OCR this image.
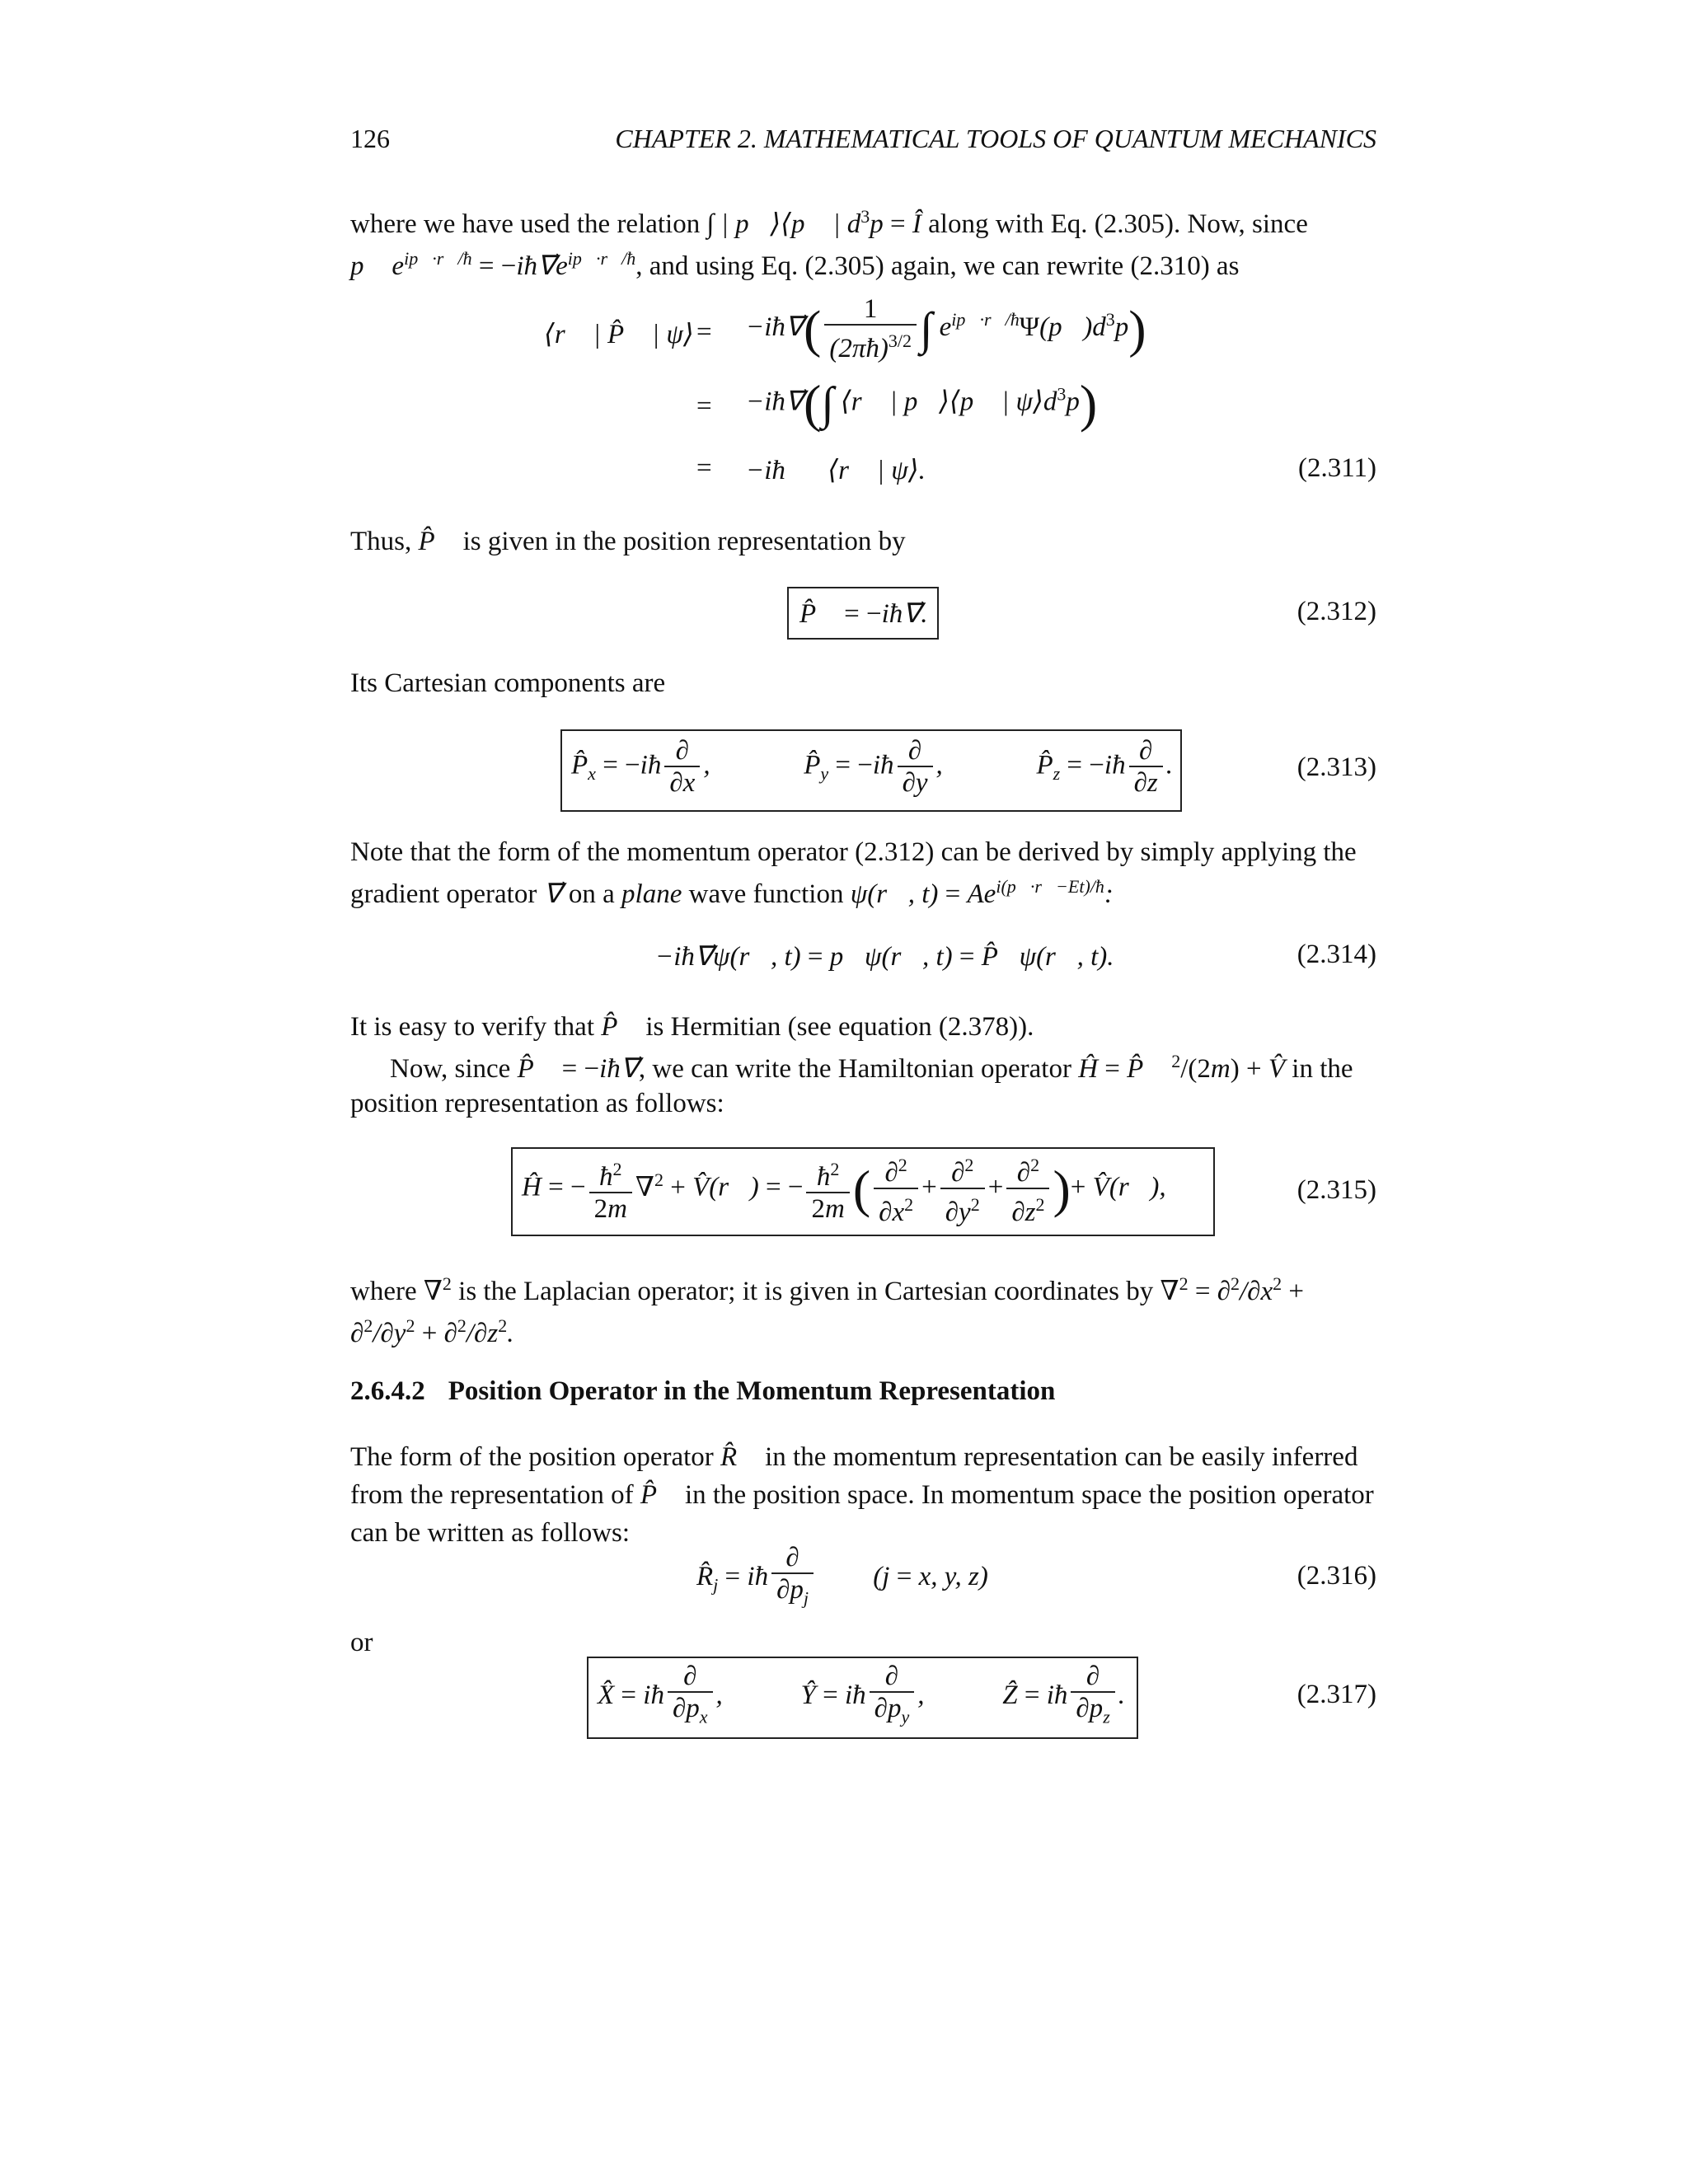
126	CHAPTER 2. MATHEMATICAL TOOLS OF QUANTUM MECHANICS

where we have used the relation ∫ | p⃗⟩⟨p⃗ | $d^3p$ = Î along with Eq. (2.305). Now, since
p⃗ $e^{ip⃗\cdot r⃗/ħ}$ = $-iħ\nabla⃗e^{ip⃗\cdot r⃗/ħ}$, and using Eq. (2.305) again, we can rewrite (2.310) as

⟨r⃗ | P̂⃗ | ψ⟩ = −iħ∇⃗( $\frac{1}{(2\pi ħ)^{3/2}}$ ∫ $e^{ip⃗\cdot r⃗/ħ}\Psi(p⃗)d^3p$)
= −iħ∇⃗(∫ ⟨r⃗ | p⃗⟩⟨p⃗ | $\psi⟩d^3p$)
= −iħ∇⃗⟨r⃗ | ψ⟩.	(2.311)

Thus, P̂⃗ is given in the position representation by

P̂⃗ = −iħ∇⃗.	(2.312)

Its Cartesian components are

$P̂_x$ = −iħ $\frac{\partial}{\partial x}$ ,	$P̂_y$ = −iħ $\frac{\partial}{\partial y}$ ,	$P̂_z$ = −iħ $\frac{\partial}{\partial z}$ .	(2.313)

Note that the form of the momentum operator (2.312) can be derived by simply applying the
gradient operator ∇⃗ on a plane wave function ψ(r⃗, $t) = Ae^{i(p⃗\cdot r⃗-Et)/ħ}$:

−iħ∇⃗ψ(r⃗, t) = p⃗ψ(r⃗, t) = P̂⃗ψ(r⃗, t).	(2.314)

It is easy to verify that P̂⃗ is Hermitian (see equation (2.378)).

Now, since P̂⃗ = −iħ∇⃗, we can write the Hamiltonian operator Ĥ = P̂⃗ $^2$/(2m) + V̂ in the

position representation as follows:

Ĥ = − $\frac{ħ^2}{2m} \nabla^2$ + V̂(r⃗) = − $\frac{ħ^2}{2m}$ ( $\frac{\partial^2}{\partial x^2} + \frac{\partial^2}{\partial y^2} + \frac{\partial^2}{\partial z^2}$ )+ V̂(r⃗),	(2.315)

where ∇$^2$ is the Laplacian operator; it is given in Cartesian coordinates by $\nabla^2 = \partial^2/\partial x^2$ +
$\partial^2/\partial y^2 + \partial^2/\partial z^2$.

2.6.4.2 Position Operator in the Momentum Representation

The form of the position operator R̂⃗ in the momentum representation can be easily inferred
from the representation of P̂⃗ in the position space. In momentum space the position operator
can be written as follows:

$R̂_j$ = iħ $\frac{\partial}{\partial p_j} (j = x$, y, z)	(2.316)

or

X̂ = iħ $\frac{\partial}{\partial p_x}$ ,	Ŷ = iħ $\frac{\partial}{\partial p_y}$ ,	Ẑ = iħ $\frac{\partial}{\partial p_z}$ .	(2.317)
